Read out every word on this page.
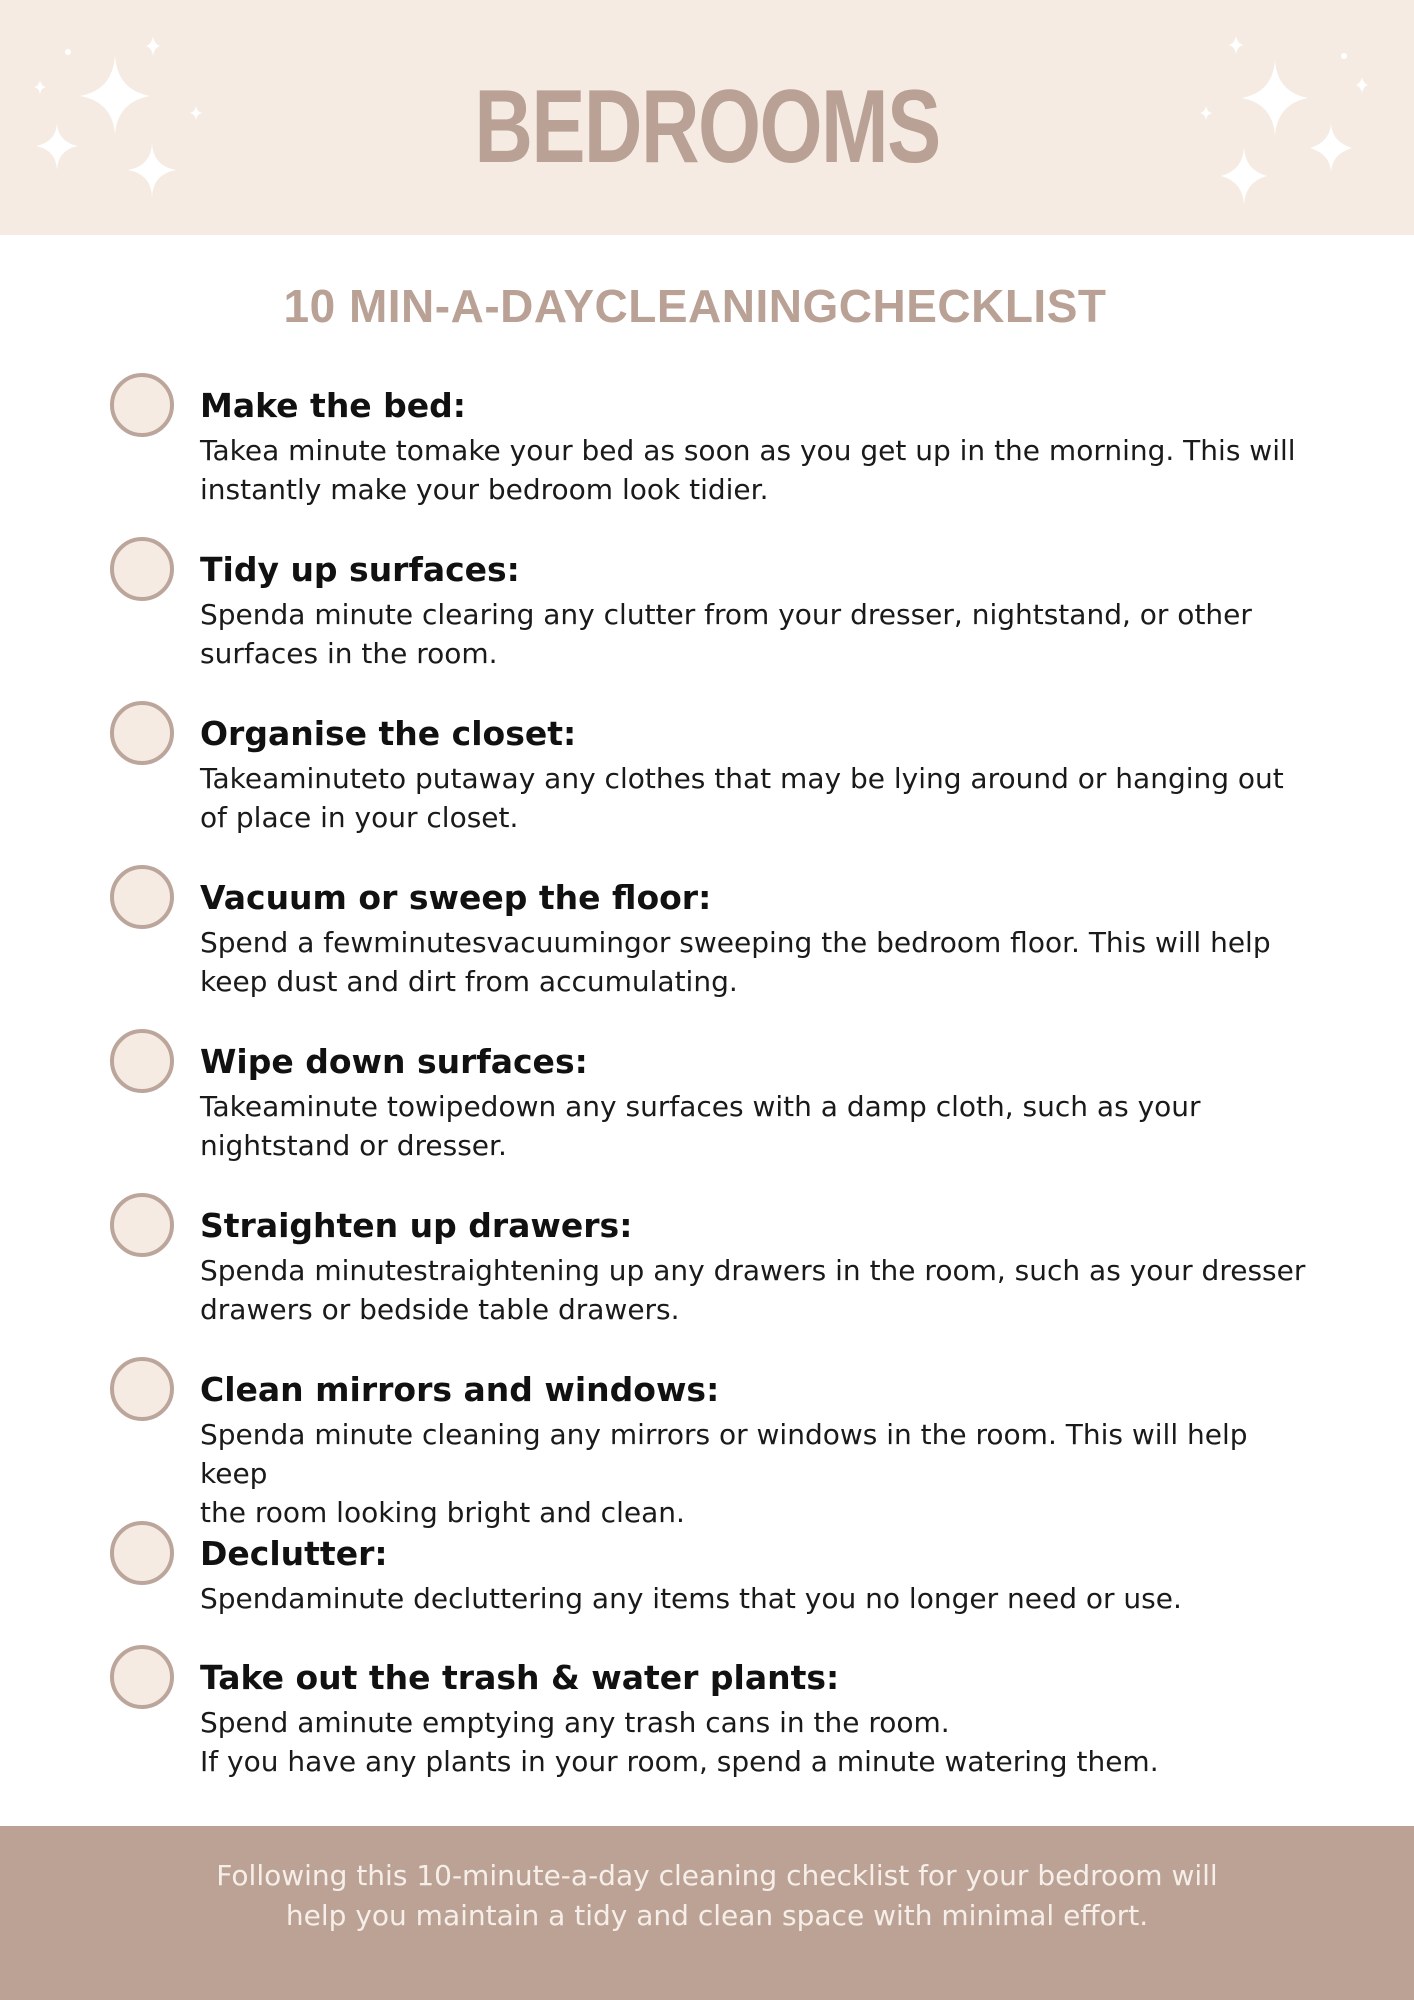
BEDROOMS
10 MIN-A-DAYCLEANINGCHECKLIST
Make the bed:
Takea minute tomake your bed as soon as you get up in the morning. This will
instantly make your bedroom look tidier.
Tidy up surfaces:
Spenda minute clearing any clutter from your dresser, nightstand, or other
surfaces in the room.
Organise the closet:
Takeaminuteto putaway any clothes that may be lying around or hanging out
of place in your closet.
Vacuum or sweep the floor:
Spend a fewminutesvacuumingor sweeping the bedroom floor. This will help
keep dust and dirt from accumulating.
Wipe down surfaces:
Takeaminute towipedown any surfaces with a damp cloth, such as your
nightstand or dresser.
Straighten up drawers:
Spenda minutestraightening up any drawers in the room, such as your dresser
drawers or bedside table drawers.
Clean mirrors and windows:
Spenda minute cleaning any mirrors or windows in the room. This will help keep
the room looking bright and clean.
Declutter:
Spendaminute decluttering any items that you no longer need or use.
Take out the trash & water plants:
Spend aminute emptying any trash cans in the room.
If you have any plants in your room, spend a minute watering them.
Following this 10-minute-a-day cleaning checklist for your bedroom will
help you maintain a tidy and clean space with minimal effort.
